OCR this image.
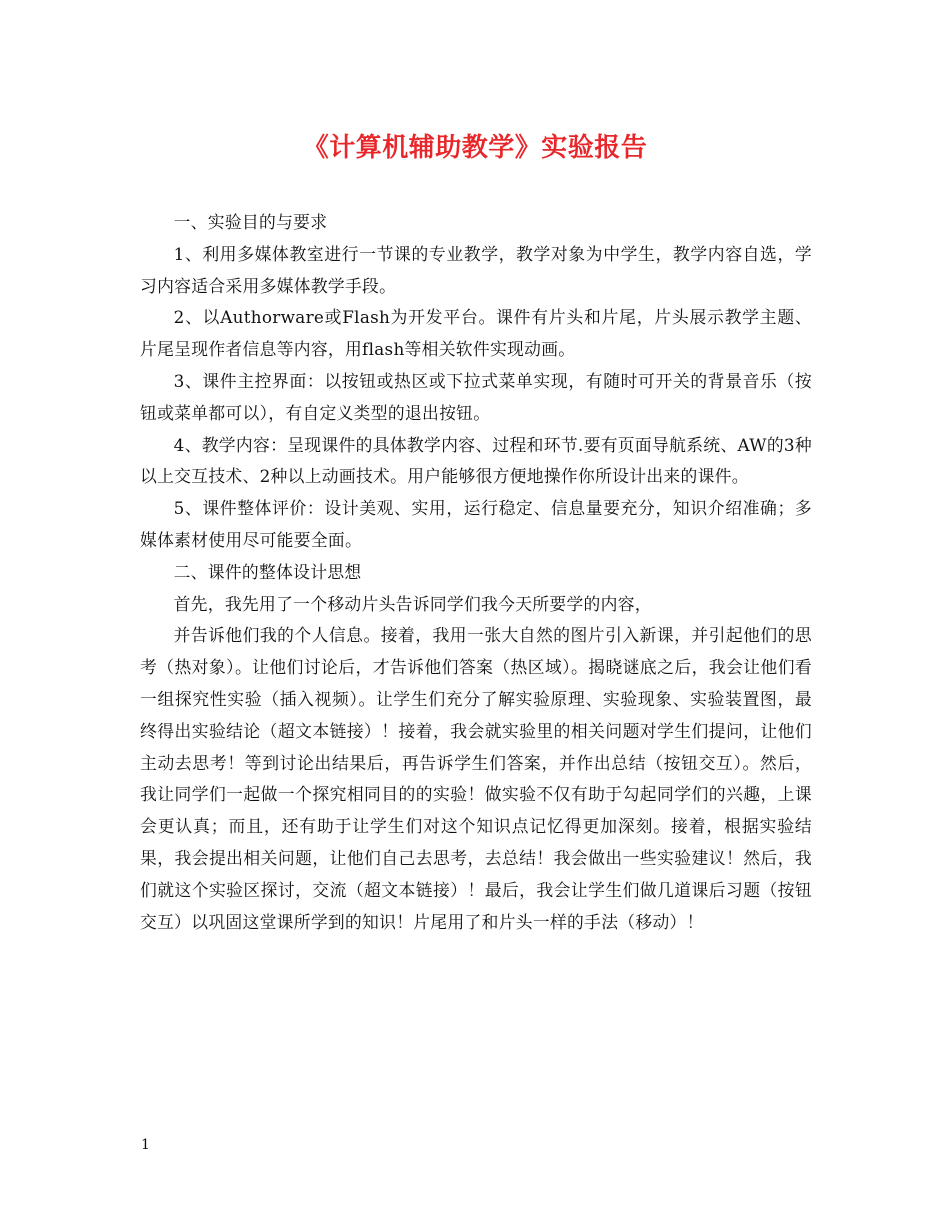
《计算机辅助教学》实验报告

一、实验目的与要求

1、利用多媒体教室进行一节课的专业教学，教学对象为中学生，教学内容自选，学习内容适合采用多媒体教学手段。

2、以Authorware或Flash为开发平台。课件有片头和片尾，片头展示教学主题、片尾呈现作者信息等内容，用flash等相关软件实现动画。

3、课件主控界面：以按钮或热区或下拉式菜单实现，有随时可开关的背景音乐（按钮或菜单都可以），有自定义类型的退出按钮。

4、教学内容：呈现课件的具体教学内容、过程和环节.要有页面导航系统、AW的3种以上交互技术、2种以上动画技术。用户能够很方便地操作你所设计出来的课件。

5、课件整体评价：设计美观、实用，运行稳定、信息量要充分，知识介绍准确；多媒体素材使用尽可能要全面。

二、课件的整体设计思想

首先，我先用了一个移动片头告诉同学们我今天所要学的内容，

并告诉他们我的个人信息。接着，我用一张大自然的图片引入新课，并引起他们的思考（热对象）。让他们讨论后，才告诉他们答案（热区域）。揭晓谜底之后，我会让他们看一组探究性实验（插入视频）。让学生们充分了解实验原理、实验现象、实验装置图，最终得出实验结论（超文本链接）！接着，我会就实验里的相关问题对学生们提问，让他们主动去思考！等到讨论出结果后，再告诉学生们答案，并作出总结（按钮交互）。然后，我让同学们一起做一个探究相同目的的实验！做实验不仅有助于勾起同学们的兴趣，上课会更认真；而且，还有助于让学生们对这个知识点记忆得更加深刻。接着，根据实验结果，我会提出相关问题，让他们自己去思考，去总结！我会做出一些实验建议！然后，我们就这个实验区探讨，交流（超文本链接）！最后，我会让学生们做几道课后习题（按钮交互）以巩固这堂课所学到的知识！片尾用了和片头一样的手法（移动）！

1
